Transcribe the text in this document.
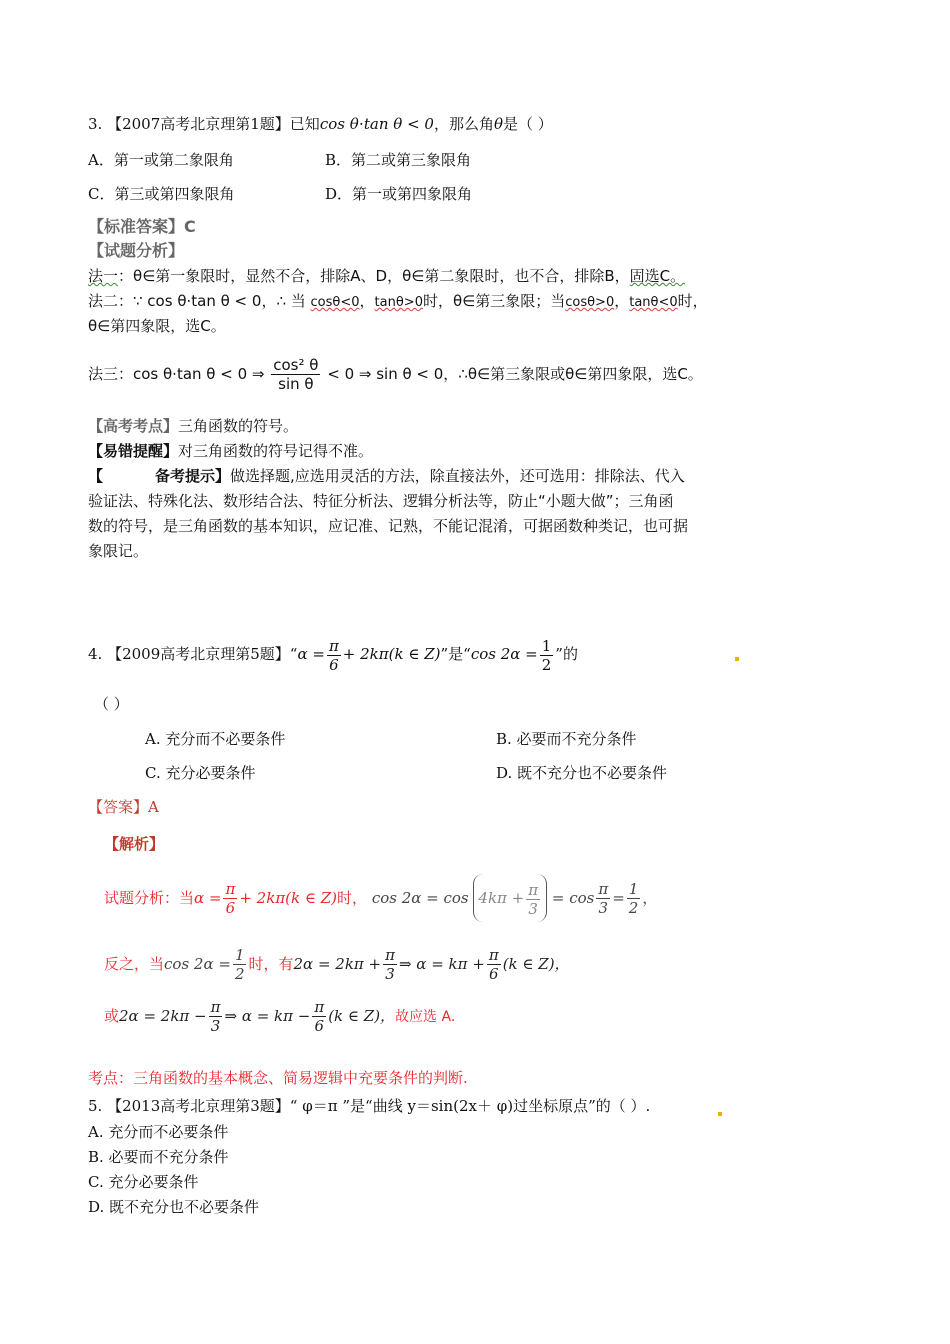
3. 【2007高考北京理第1题】已知cos θ⋅tan θ < 0，那么角θ是（ ）
A．第一或第二象限角	B．第二或第三象限角
C．第三或第四象限角	D．第一或第四象限角
【标准答案】C
【试题分析】
法一：θ∈第一象限时，显然不合，排除A、D，θ∈第二象限时，也不合，排除B，固选C。
法二：∵ cos θ⋅tan θ < 0，∴ 当 cosθ<0，tanθ>0时，θ∈第三象限；当cosθ>0，tanθ<0时，
θ∈第四象限，选C。
法三：cos θ⋅tan θ < 0 ⇒ $\frac{\text{cos² θ}}{\text{sin θ}} < 0$ ⇒ sin θ < 0，∴θ∈第三象限或θ∈第四象限，选C。
【高考考点】三角函数的符号。
【易错提醒】对三角函数的符号记得不准。
【	备考提示】做选择题,应选用灵活的方法，除直接法外，还可选用：排除法、代入
验证法、特殊化法、数形结合法、特征分析法、逻辑分析法等，防止“小题大做”；三角函
数的符号，是三角函数的基本知识，应记准、记熟，不能记混淆，可据函数种类记，也可据
象限记。
4. 【2009高考北京理第5题】“$\alpha = \frac{\pi}{6} + 2k\pi(k$ ∈ Z)”是“cos $2\alpha = \frac{1}{2}$ ”的
（ ）
A. 充分而不必要条件	B. 必要而不充分条件
C. 充分必要条件	D. 既不充分也不必要条件
【答案】A
【解析】
试题分析：当$\alpha = \frac{\pi}{6} + 2k\pi(k$ ∈ Z)时， $\cos 2\alpha = \cos 4k\pi + \frac{\pi}{3} = \cos \frac{\pi}{3} = \frac{1}{2}$ ，
反之，当$\cos 2\alpha = \frac{1}{2}$ 时，有$2\alpha = 2k\pi + \frac{\pi}{3}$ ⇒ $\alpha = k\pi + \frac{\pi}{6} (k$ ∈ Z)，
或$2\alpha = 2k\pi - \frac{\pi}{3}$ ⇒ $\alpha = k\pi - \frac{\pi}{6} (k$ ∈ Z)，故应选 A.
考点：三角函数的基本概念、简易逻辑中充要条件的判断.
5. 【2013高考北京理第3题】“ φ＝π ”是“曲线 y＝sin(2x＋ φ)过坐标原点”的（ ）.
A. 充分而不必要条件
B. 必要而不充分条件
C. 充分必要条件
D. 既不充分也不必要条件
